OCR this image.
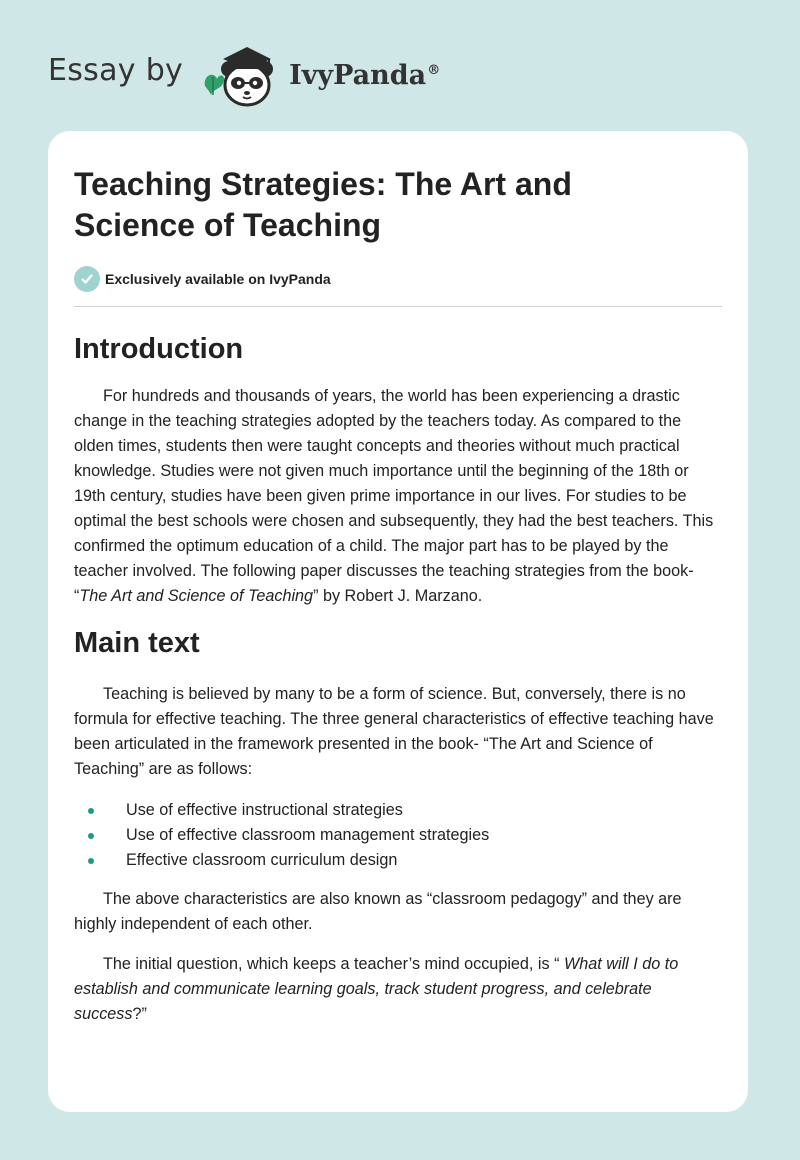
Essay by	IvyPanda®
Teaching Strategies: The Art and Science of Teaching
Exclusively available on IvyPanda
Introduction

For hundreds and thousands of years, the world has been experiencing a drastic change in the teaching strategies adopted by the teachers today. As compared to the olden times, students then were taught concepts and theories without much practical knowledge. Studies were not given much importance until the beginning of the 18th or 19th century, studies have been given prime importance in our lives. For studies to be optimal the best schools were chosen and subsequently, they had the best teachers. This confirmed the optimum education of a child. The major part has to be played by the teacher involved. The following paper discusses the teaching strategies from the book- “The Art and Science of Teaching” by Robert J. Marzano.

Main text

Teaching is believed by many to be a form of science. But, conversely, there is no formula for effective teaching. The three general characteristics of effective teaching have been articulated in the framework presented in the book- “The Art and Science of Teaching” are as follows:

Use of effective instructional strategies
Use of effective classroom management strategies
Effective classroom curriculum design

The above characteristics are also known as “classroom pedagogy” and they are highly independent of each other.

The initial question, which keeps a teacher’s mind occupied, is “ What will I do to establish and communicate learning goals, track student progress, and celebrate success?”
